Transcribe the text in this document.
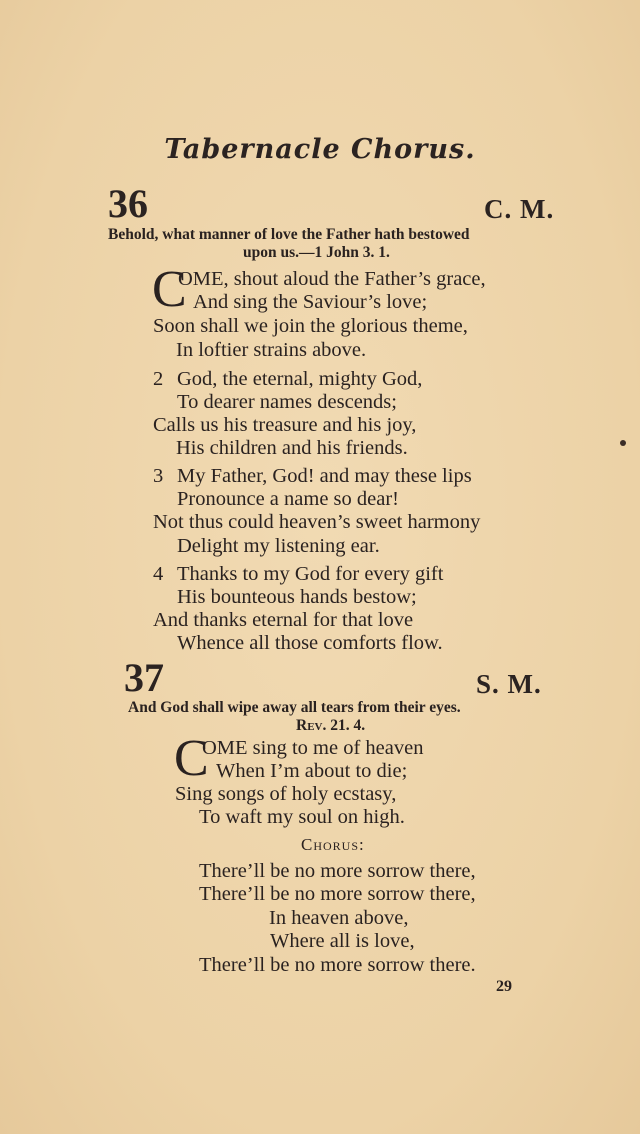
Tabernacle Chorus.
36	C. M.
Behold, what manner of love the Father hath bestowed
upon us.—1 John 3. 1.
C
OME, shout aloud the Father’s grace,
And sing the Saviour’s love;
Soon shall we join the glorious theme,
In loftier strains above.
2 God, the eternal, mighty God,
To dearer names descends;
Calls us his treasure and his joy,
His children and his friends.
3 My Father, God! and may these lips
Pronounce a name so dear!
Not thus could heaven’s sweet harmony
Delight my listening ear.
4 Thanks to my God for every gift
His bounteous hands bestow;
And thanks eternal for that love
Whence all those comforts flow.
37	S. M.
And God shall wipe away all tears from their eyes.
Rev. 21. 4.
C
OME sing to me of heaven
When I’m about to die;
Sing songs of holy ecstasy,
To waft my soul on high.
Chorus:
There’ll be no more sorrow there,
There’ll be no more sorrow there,
In heaven above,
Where all is love,
There’ll be no more sorrow there.
29
